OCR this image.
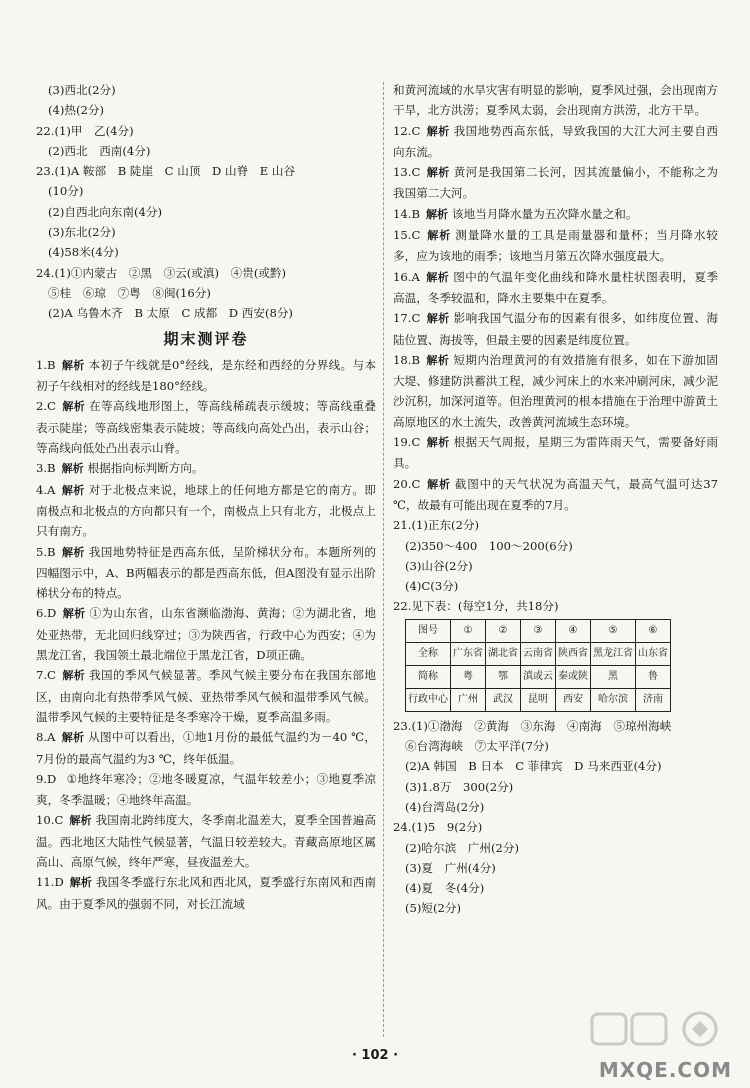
(3)西北(2分)
(4)热(2分)
22.(1)甲　乙(4分)
(2)西北　西南(4分)
23.(1)A 鞍部　B 陡崖　C 山顶　D 山脊　E 山谷
(10分)
(2)自西北向东南(4分)
(3)东北(2分)
(4)58米(4分)
24.(1)①内蒙古　②黑　③云(或滇)　④贵(或黔)
⑤桂　⑥琼　⑦粤　⑧闽(16分)
(2)A 乌鲁木齐　B 太原　C 成都　D 西安(8分)
期末测评卷
1.B 解析 本初子午线就是0°经线，是东经和西经的分界线。与本初子午线相对的经线是180°经线。
2.C 解析 在等高线地形图上，等高线稀疏表示缓坡；等高线重叠表示陡崖；等高线密集表示陡坡；等高线向高处凸出，表示山谷；等高线向低处凸出表示山脊。
3.B 解析 根据指向标判断方向。
4.A 解析 对于北极点来说，地球上的任何地方都是它的南方。即南极点和北极点的方向都只有一个，南极点上只有北方，北极点上只有南方。
5.B 解析 我国地势特征是西高东低，呈阶梯状分布。本题所列的四幅图示中，A、B两幅表示的都是西高东低，但A图没有显示出阶梯状分布的特点。
6.D 解析 ①为山东省，山东省濒临渤海、黄海；②为湖北省，地处亚热带，无北回归线穿过；③为陕西省，行政中心为西安；④为黑龙江省，我国领土最北端位于黑龙江省，D项正确。
7.C 解析 我国的季风气候显著。季风气候主要分布在我国东部地区，由南向北有热带季风气候、亚热带季风气候和温带季风气候。温带季风气候的主要特征是冬季寒冷干燥，夏季高温多雨。
8.A 解析 从图中可以看出，①地1月份的最低气温约为－40 ℃，7月份的最高气温约为3 ℃，终年低温。
9.D ①地终年寒冷；②地冬暖夏凉，气温年较差小；③地夏季凉爽，冬季温暖；④地终年高温。
10.C 解析 我国南北跨纬度大，冬季南北温差大，夏季全国普遍高温。西北地区大陆性气候显著，气温日较差较大。青藏高原地区属高山、高原气候，终年严寒，昼夜温差大。
11.D 解析 我国冬季盛行东北风和西北风，夏季盛行东南风和西南风。由于夏季风的强弱不同，对长江流域
和黄河流域的水旱灾害有明显的影响，夏季风过强，会出现南方干旱，北方洪涝；夏季风太弱，会出现南方洪涝，北方干旱。
12.C 解析 我国地势西高东低，导致我国的大江大河主要自西向东流。
13.C 解析 黄河是我国第二长河，因其流量偏小，不能称之为我国第二大河。
14.B 解析 该地当月降水量为五次降水量之和。
15.C 解析 测量降水量的工具是雨量器和量杯；当月降水较多，应为该地的雨季；该地当月第五次降水强度最大。
16.A 解析 图中的气温年变化曲线和降水量柱状图表明，夏季高温，冬季较温和，降水主要集中在夏季。
17.C 解析 影响我国气温分布的因素有很多，如纬度位置、海陆位置、海拔等，但最主要的因素是纬度位置。
18.B 解析 短期内治理黄河的有效措施有很多，如在下游加固大堤、修建防洪蓄洪工程，减少河床上的水来冲刷河床，减少泥沙沉积，加深河道等。但治理黄河的根本措施在于治理中游黄土高原地区的水土流失，改善黄河流域生态环境。
19.C 解析 根据天气周报，星期三为雷阵雨天气，需要备好雨具。
20.C 解析 截图中的天气状况为高温天气，最高气温可达37 ℃，故最有可能出现在夏季的7月。
21.(1)正东(2分)
(2)350～400　100～200(6分)
(3)山谷(2分)
(4)C(3分)
22.见下表：(每空1分，共18分)
图号	①	②	③	④	⑤	⑥
全称	广东省	湖北省	云南省	陕西省	黑龙江省	山东省
简称	粤	鄂	滇或云	秦或陕	黑	鲁
行政中心	广州	武汉	昆明	西安	哈尔滨	济南
23.(1)①渤海　②黄海　③东海　④南海　⑤琼州海峡
⑥台湾海峡　⑦太平洋(7分)
(2)A 韩国　B 日本　C 菲律宾　D 马来西亚(4分)
(3)1.8万　300(2分)
(4)台湾岛(2分)
24.(1)5　9(2分)
(2)哈尔滨　广州(2分)
(3)夏　广州(4分)
(4)夏　冬(4分)
(5)短(2分)
· 102 ·
MXQE.COM
